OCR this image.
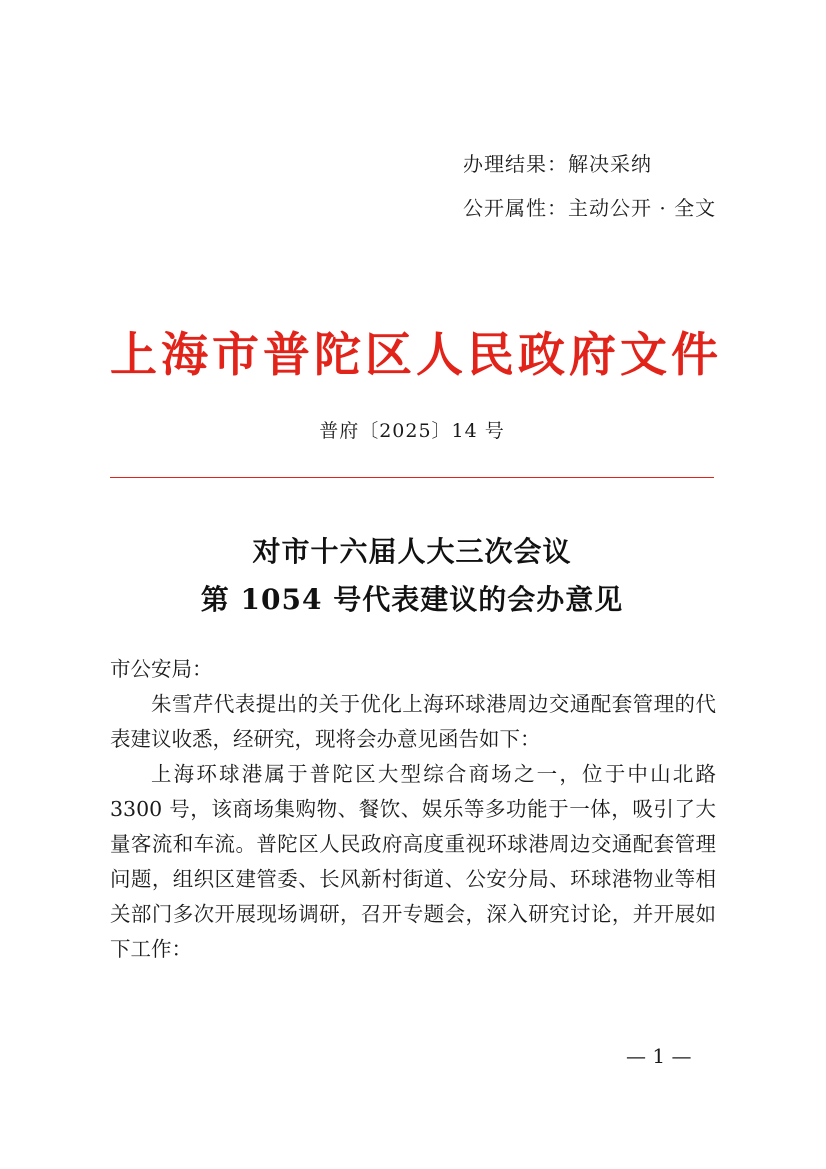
办理结果：解决采纳
公开属性：主动公开 · 全文
上海市普陀区人民政府文件
普府〔2025〕14 号
对市十六届人大三次会议
第 1054 号代表建议的会办意见

市公安局：

朱雪芹代表提出的关于优化上海环球港周边交通配套管理的代表建议收悉，经研究，现将会办意见函告如下：

上海环球港属于普陀区大型综合商场之一，位于中山北路 3300 号，该商场集购物、餐饮、娱乐等多功能于一体，吸引了大量客流和车流。普陀区人民政府高度重视环球港周边交通配套管理问题，组织区建管委、长风新村街道、公安分局、环球港物业等相关部门多次开展现场调研，召开专题会，深入研究讨论，并开展如下工作：

— 1 —
